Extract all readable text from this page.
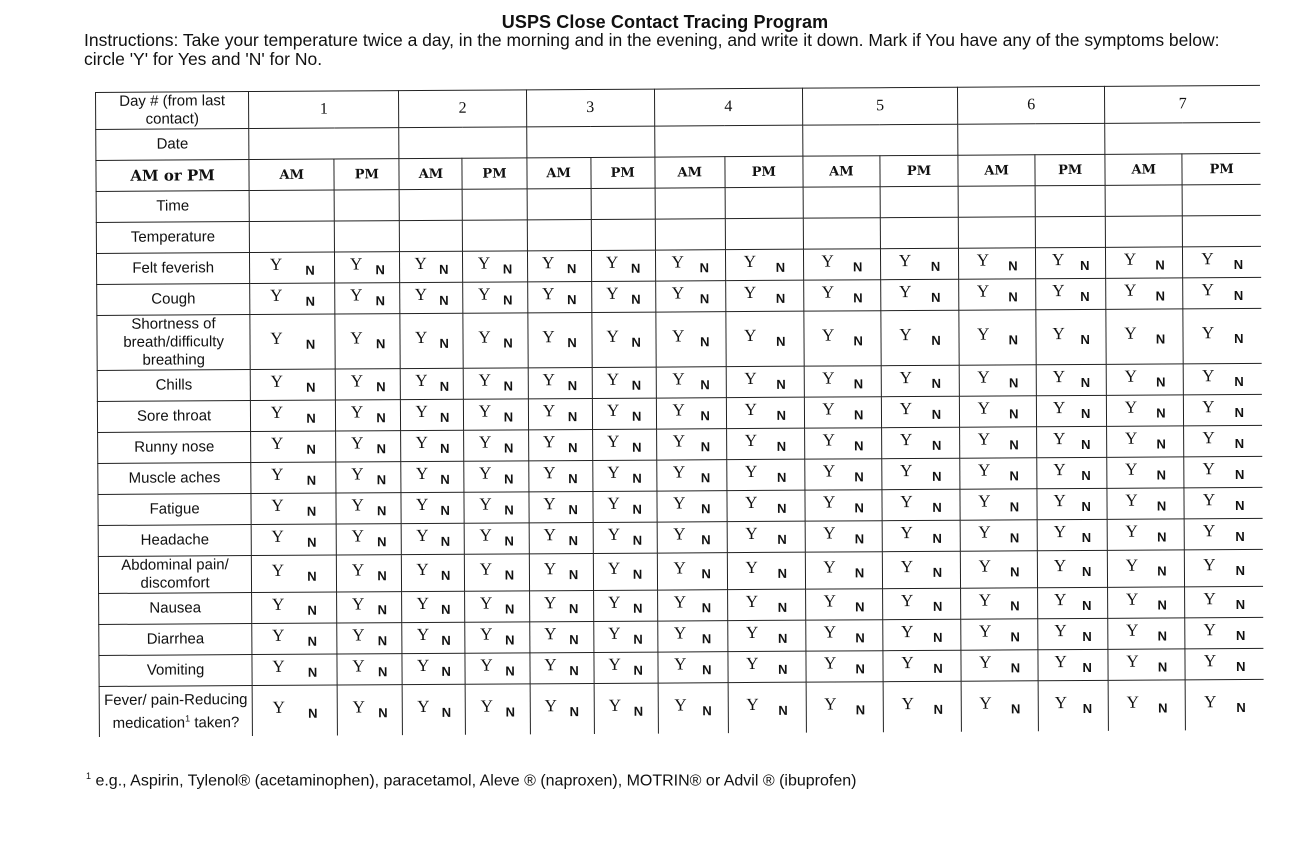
USPS Close Contact Tracing Program
Instructions: Take your temperature twice a day, in the morning and in the evening, and write it down. Mark if You have any of the symptoms below: circle 'Y' for Yes and 'N' for No.
Day # (from last contact)	1		2		3		4		5		6		7	
Date														
AM or PM	AM	PM	AM	PM	AM	PM	AM	PM	AM	PM	AM	PM	AM	PM
Time														
Temperature														
Felt feverish	Y N	Y N	Y N	Y N	Y N	Y N	Y N	Y N	Y N	Y N	Y N	Y N	Y N	Y N

Cough	Y N	Y N	Y N	Y N	Y N	Y N	Y N	Y N	Y N	Y N	Y N	Y N	Y N	Y N

Shortness of breath/difficulty breathing	Y N	Y N	Y N	Y N	Y N	Y N	Y N	Y N	Y N	Y N	Y N	Y N	Y N	Y N

Chills	Y N	Y N	Y N	Y N	Y N	Y N	Y N	Y N	Y N	Y N	Y N	Y N	Y N	Y N

Sore throat	Y N	Y N	Y N	Y N	Y N	Y N	Y N	Y N	Y N	Y N	Y N	Y N	Y N	Y N

Runny nose	Y N	Y N	Y N	Y N	Y N	Y N	Y N	Y N	Y N	Y N	Y N	Y N	Y N	Y N

Muscle aches	Y N	Y N	Y N	Y N	Y N	Y N	Y N	Y N	Y N	Y N	Y N	Y N	Y N	Y N

Fatigue	Y N	Y N	Y N	Y N	Y N	Y N	Y N	Y N	Y N	Y N	Y N	Y N	Y N	Y N

Headache	Y N	Y N	Y N	Y N	Y N	Y N	Y N	Y N	Y N	Y N	Y N	Y N	Y N	Y N

Abdominal pain/ discomfort	Y N	Y N	Y N	Y N	Y N	Y N	Y N	Y N	Y N	Y N	Y N	Y N	Y N	Y N

Nausea	Y N	Y N	Y N	Y N	Y N	Y N	Y N	Y N	Y N	Y N	Y N	Y N	Y N	Y N

Diarrhea	Y N	Y N	Y N	Y N	Y N	Y N	Y N	Y N	Y N	Y N	Y N	Y N	Y N	Y N

Vomiting	Y N	Y N	Y N	Y N	Y N	Y N	Y N	Y N	Y N	Y N	Y N	Y N	Y N	Y N

Fever/ pain-Reducing medication$^1$ taken?	Y N	Y N	Y N	Y N	Y N	Y N	Y N	Y N	Y N	Y N	Y N	Y N	Y N	Y N
$^1$ e.g., Aspirin, Tylenol® (acetaminophen), paracetamol, Aleve ® (naproxen), MOTRIN® or Advil ® (ibuprofen)
